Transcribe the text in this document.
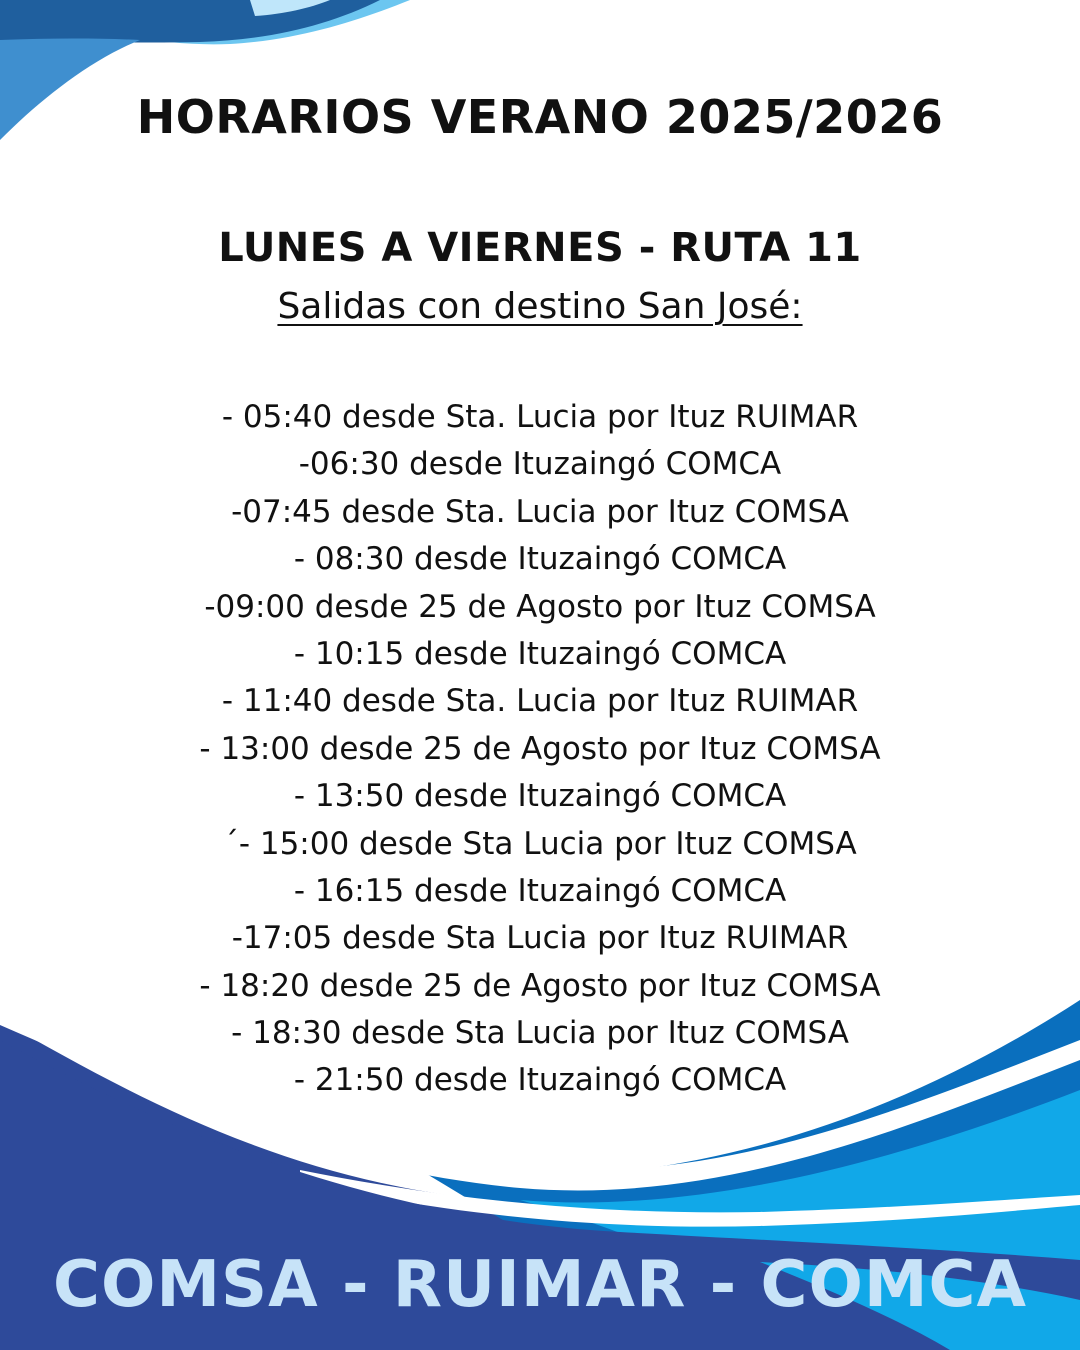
HORARIOS VERANO 2025/2026
LUNES A VIERNES - RUTA 11
Salidas con destino San José:
- 05:40 desde Sta. Lucia por Ituz RUIMAR
-06:30 desde Ituzaingó COMCA
-07:45 desde Sta. Lucia por Ituz COMSA
- 08:30 desde Ituzaingó COMCA
-09:00 desde 25 de Agosto por Ituz COMSA
- 10:15 desde Ituzaingó COMCA
- 11:40 desde Sta. Lucia por Ituz RUIMAR
- 13:00 desde 25 de Agosto por Ituz COMSA
- 13:50 desde Ituzaingó COMCA
´- 15:00 desde Sta Lucia por Ituz COMSA
- 16:15 desde Ituzaingó COMCA
-17:05 desde Sta Lucia por Ituz RUIMAR
- 18:20 desde 25 de Agosto por Ituz COMSA
- 18:30 desde Sta Lucia por Ituz COMSA
- 21:50 desde Ituzaingó COMCA
COMSA - RUIMAR - COMCA
